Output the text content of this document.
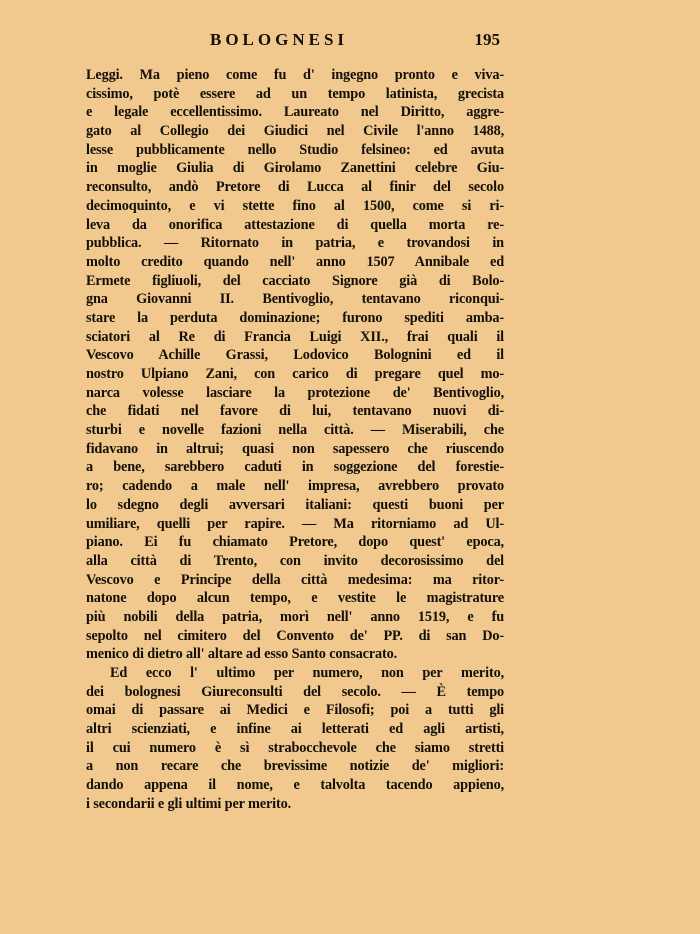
BOLOGNESI	195
Leggi. Ma pieno come fu d' ingegno pronto e viva-
cissimo, potè essere ad un tempo latinista, grecista
e legale eccellentissimo. Laureato nel Diritto, aggre-
gato al Collegio dei Giudici nel Civile l'anno 1488,
lesse pubblicamente nello Studio felsineo: ed avuta
in moglie Giulia di Girolamo Zanettini celebre Giu-
reconsulto, andò Pretore di Lucca al finir del secolo
decimoquinto, e vi stette fino al 1500, come si ri-
leva da onorifica attestazione di quella morta re-
pubblica. — Ritornato in patria, e trovandosi in
molto credito quando nell' anno 1507 Annibale ed
Ermete figliuoli, del cacciato Signore già di Bolo-
gna Giovanni II. Bentivoglio, tentavano riconqui-
stare la perduta dominazione; furono spediti amba-
sciatori al Re di Francia Luigi XII., frai quali il
Vescovo Achille Grassi, Lodovico Bolognini ed il
nostro Ulpiano Zani, con carico di pregare quel mo-
narca volesse lasciare la protezione de' Bentivoglio,
che fidati nel favore di lui, tentavano nuovi di-
sturbi e novelle fazioni nella città. — Miserabili, che
fidavano in altrui; quasi non sapessero che riuscendo
a bene, sarebbero caduti in soggezione del forestie-
ro; cadendo a male nell' impresa, avrebbero provato
lo sdegno degli avversari italiani: questi buoni per
umiliare, quelli per rapire. — Ma ritorniamo ad Ul-
piano. Ei fu chiamato Pretore, dopo quest' epoca,
alla città di Trento, con invito decorosissimo del
Vescovo e Principe della città medesima: ma ritor-
natone dopo alcun tempo, e vestite le magistrature
più nobili della patria, morì nell' anno 1519, e fu
sepolto nel cimitero del Convento de' PP. di san Do-
menico di dietro all' altare ad esso Santo consacrato.
Ed ecco l' ultimo per numero, non per merito,
dei bolognesi Giureconsulti del secolo. — È tempo
omai di passare ai Medici e Filosofi; poi a tutti gli
altri scienziati, e infine ai letterati ed agli artisti,
il cui numero è sì strabocchevole che siamo stretti
a non recare che brevissime notizie de' migliori:
dando appena il nome, e talvolta tacendo appieno,
i secondarii e gli ultimi per merito.
